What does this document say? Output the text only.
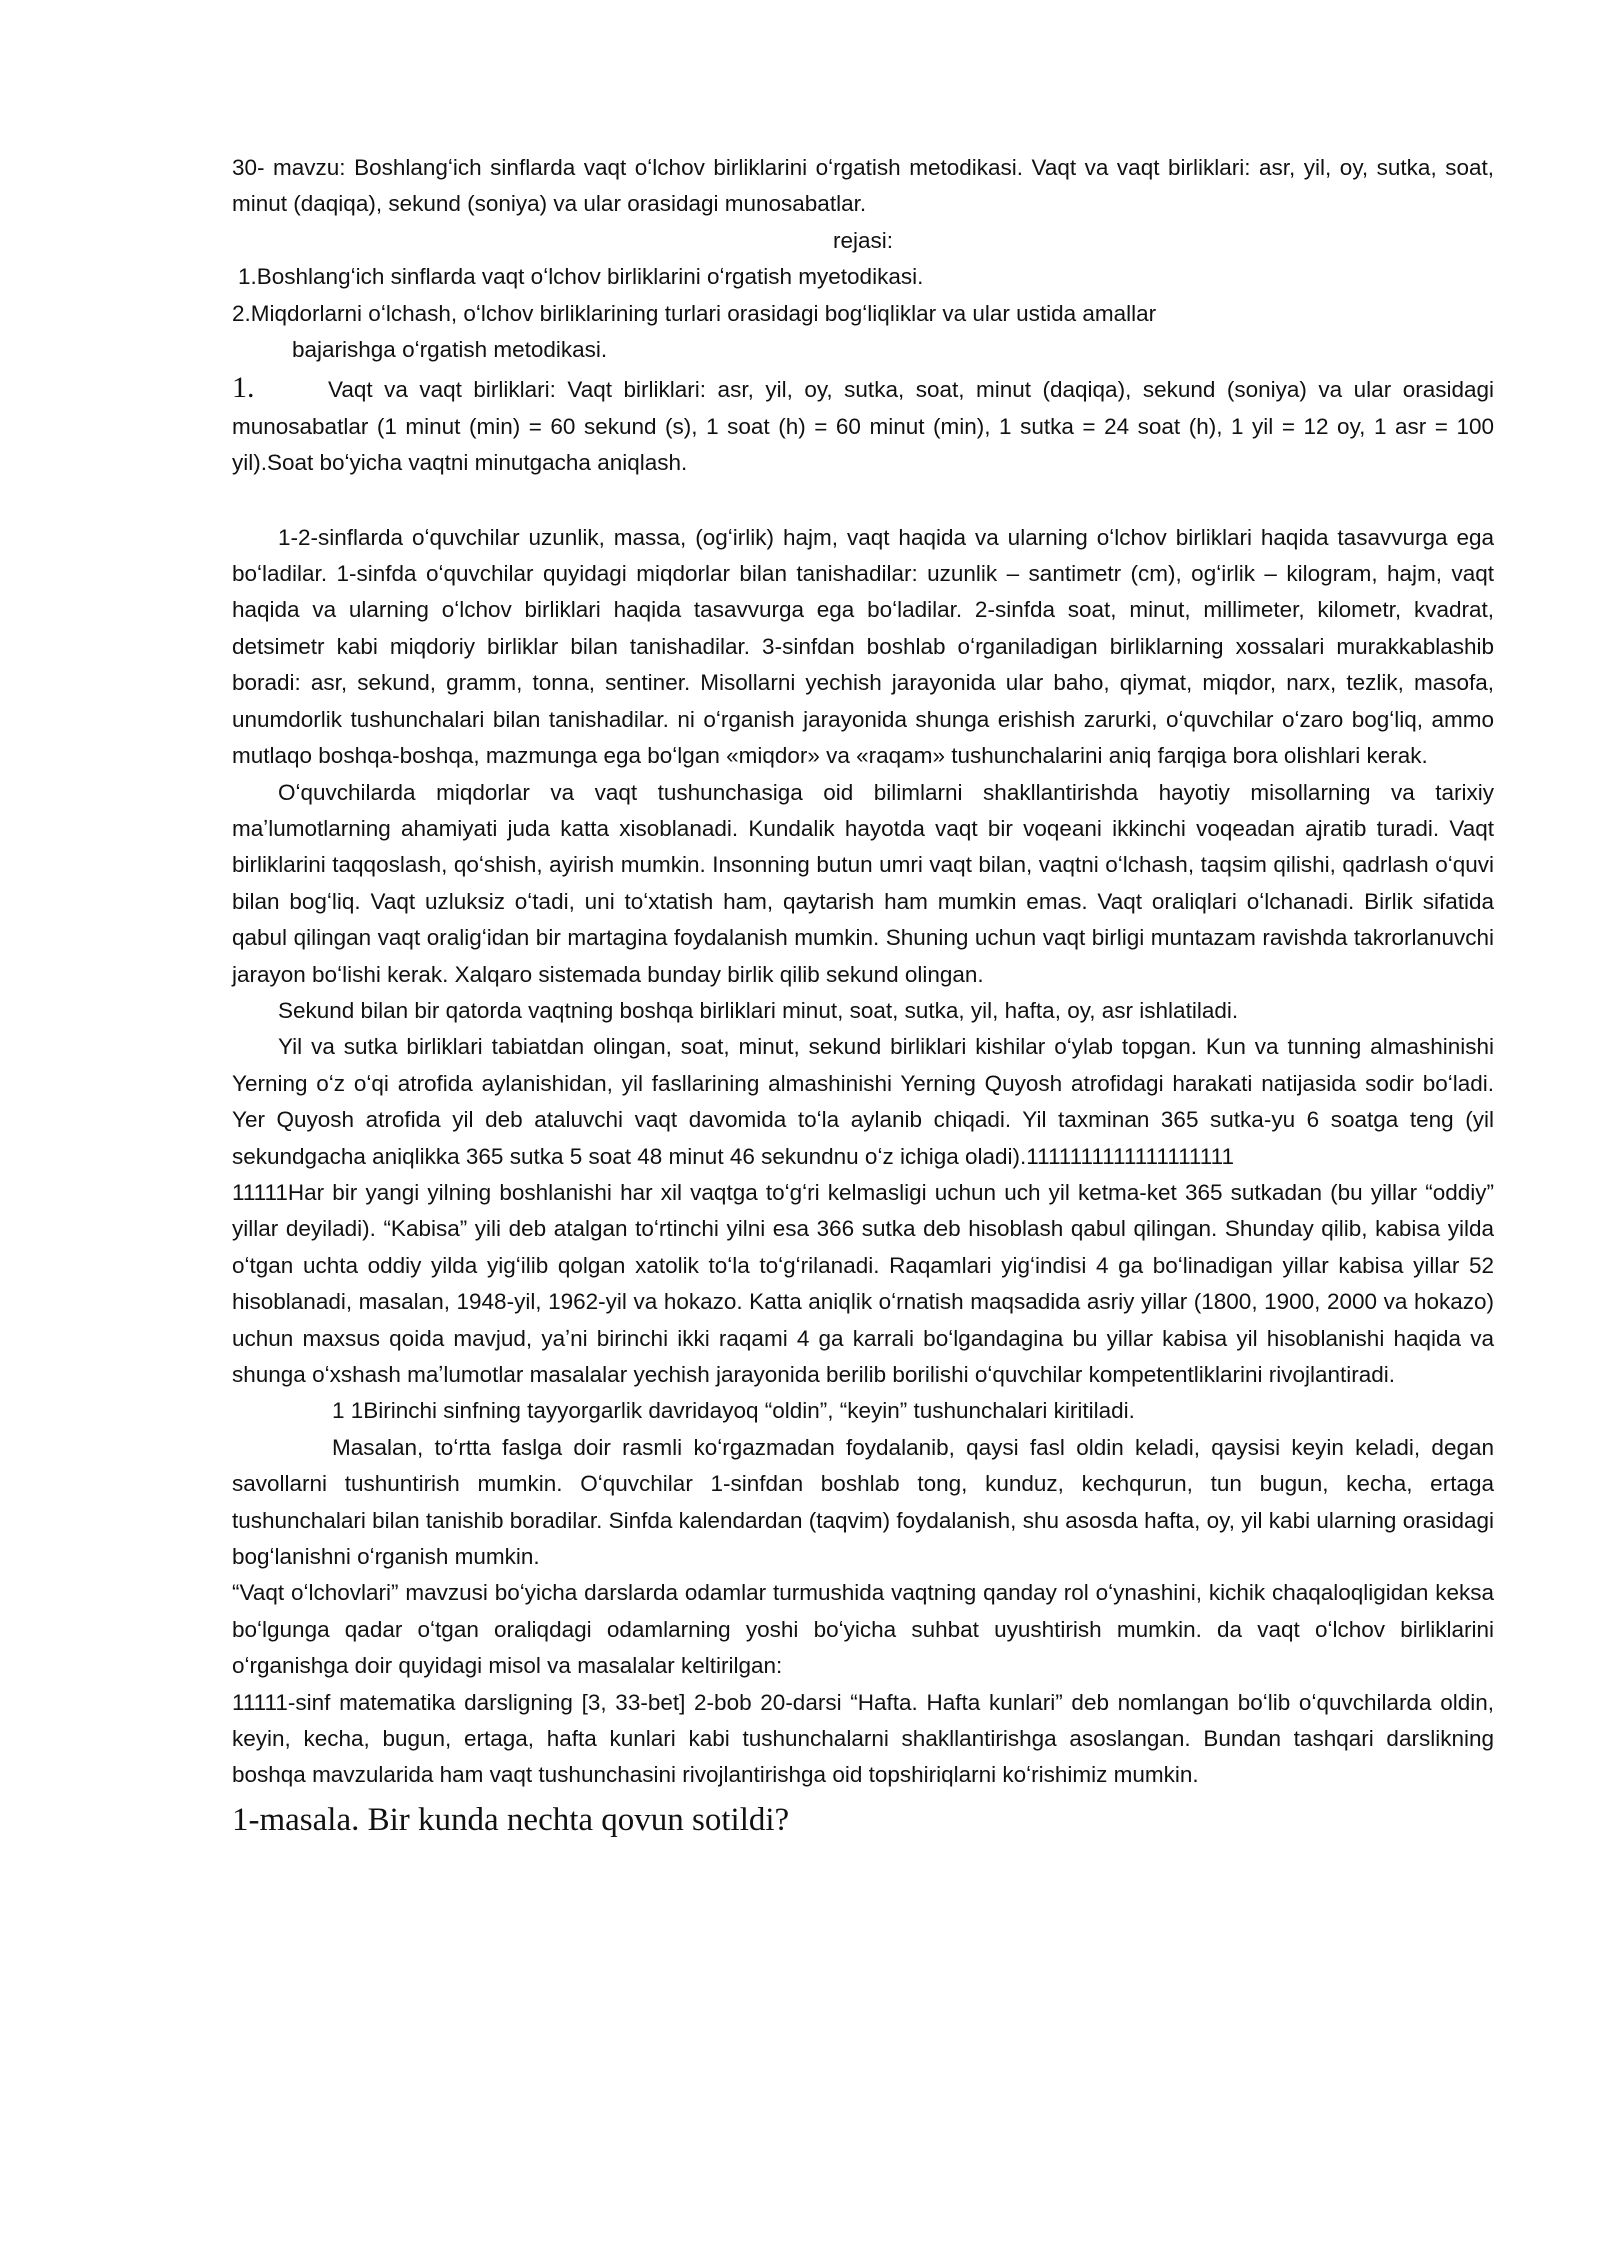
30- mavzu: Boshlangʻich sinflarda vaqt oʻlchov birliklarini oʻrgatish metodikasi. Vaqt va vaqt birliklari: asr, yil, oy, sutka, soat, minut (daqiqa), sekund (soniya) va ular orasidagi munosabatlar.

rejasi:

1.Boshlangʻich sinflarda vaqt oʻlchov birliklarini oʻrgatish myetodikasi.

2.Miqdorlarni oʻlchash, oʻlchov birliklarining turlari orasidagi bogʻliqliklar va ular ustida amallar

bajarishga oʻrgatish metodikasi.

1.	Vaqt va vaqt birliklari: Vaqt birliklari: asr, yil, oy, sutka, soat, minut (daqiqa), sekund (soniya) va ular orasidagi munosabatlar (1 minut (min) = 60 sekund (s), 1 soat (h) = 60 minut (min), 1 sutka = 24 soat (h), 1 yil = 12 oy, 1 asr = 100 yil).Soat boʻyicha vaqtni minutgacha aniqlash.

1-2-sinflarda oʻquvchilar uzunlik, massa, (ogʻirlik) hajm, vaqt haqida va ularning oʻlchov birliklari haqida tasavvurga ega boʻladilar. 1-sinfda oʻquvchilar quyidagi miqdorlar bilan tanishadilar: uzunlik – santimetr (cm), ogʻirlik – kilogram, hajm, vaqt haqida va ularning oʻlchov birliklari haqida tasavvurga ega boʻladilar. 2-sinfda soat, minut, millimeter, kilometr, kvadrat, detsimetr kabi miqdoriy birliklar bilan tanishadilar. 3-sinfdan boshlab oʻrganiladigan birliklarning xossalari murakkablashib boradi: asr, sekund, gramm, tonna, sentiner. Misollarni yechish jarayonida ular baho, qiymat, miqdor, narx, tezlik, masofa, unumdorlik tushunchalari bilan tanishadilar. ni oʻrganish jarayonida shunga erishish zarurki, oʻquvchilar oʻzaro bogʻliq, ammo mutlaqo boshqa-boshqa, mazmunga ega boʻlgan «miqdor» va «raqam» tushunchalarini aniq farqiga bora olishlari kerak.

Oʻquvchilarda miqdorlar va vaqt tushunchasiga oid bilimlarni shakllantirishda hayotiy misollarning va tarixiy maʼlumotlarning ahamiyati juda katta xisoblanadi. Kundalik hayotda vaqt bir voqeani ikkinchi voqeadan ajratib turadi. Vaqt birliklarini taqqoslash, qoʻshish, ayirish mumkin. Insonning butun umri vaqt bilan, vaqtni oʻlchash, taqsim qilishi, qadrlash oʻquvi bilan bogʻliq. Vaqt uzluksiz oʻtadi, uni toʻxtatish ham, qaytarish ham mumkin emas. Vaqt oraliqlari oʻlchanadi. Birlik sifatida qabul qilingan vaqt oraligʻidan bir martagina foydalanish mumkin. Shuning uchun vaqt birligi muntazam ravishda takrorlanuvchi jarayon boʻlishi kerak. Xalqaro sistemada bunday birlik qilib sekund olingan.

Sekund bilan bir qatorda vaqtning boshqa birliklari minut, soat, sutka, yil, hafta, oy, asr ishlatiladi.

Yil va sutka birliklari tabiatdan olingan, soat, minut, sekund birliklari kishilar oʻylab topgan. Kun va tunning almashinishi Yerning oʻz oʻqi atrofida aylanishidan, yil fasllarining almashinishi Yerning Quyosh atrofidagi harakati natijasida sodir boʻladi. Yer Quyosh atrofida yil deb ataluvchi vaqt davomida toʻla aylanib chiqadi. Yil taxminan 365 sutka-yu 6 soatga teng (yil sekundgacha aniqlikka 365 sutka 5 soat 48 minut 46 sekundnu oʻz ichiga oladi).1111111111111111111

11111Har bir yangi yilning boshlanishi har xil vaqtga toʻgʻri kelmasligi uchun uch yil ketma-ket 365 sutkadan (bu yillar “oddiy” yillar deyiladi). “Kabisa” yili deb atalgan toʻrtinchi yilni esa 366 sutka deb hisoblash qabul qilingan. Shunday qilib, kabisa yilda oʻtgan uchta oddiy yilda yigʻilib qolgan xatolik toʻla toʻgʻrilanadi. Raqamlari yigʻindisi 4 ga boʻlinadigan yillar kabisa yillar 52 hisoblanadi, masalan, 1948-yil, 1962-yil va hokazo. Katta aniqlik oʻrnatish maqsadida asriy yillar (1800, 1900, 2000 va hokazo) uchun maxsus qoida mavjud, yaʼni birinchi ikki raqami 4 ga karrali boʻlgandagina bu yillar kabisa yil hisoblanishi haqida va shunga oʻxshash maʼlumotlar masalalar yechish jarayonida berilib borilishi oʻquvchilar kompetentliklarini rivojlantiradi.

1 1Birinchi sinfning tayyorgarlik davridayoq “oldin”, “keyin” tushunchalari kiritiladi.

Masalan, toʻrtta faslga doir rasmli koʻrgazmadan foydalanib, qaysi fasl oldin keladi, qaysisi keyin keladi, degan savollarni tushuntirish mumkin. Oʻquvchilar 1-sinfdan boshlab tong, kunduz, kechqurun, tun bugun, kecha, ertaga tushunchalari bilan tanishib boradilar. Sinfda kalendardan (taqvim) foydalanish, shu asosda hafta, oy, yil kabi ularning orasidagi bogʻlanishni oʻrganish mumkin.

“Vaqt oʻlchovlari” mavzusi boʻyicha darslarda odamlar turmushida vaqtning qanday rol oʻynashini, kichik chaqaloqligidan keksa boʻlgunga qadar oʻtgan oraliqdagi odamlarning yoshi boʻyicha suhbat uyushtirish mumkin. da vaqt oʻlchov birliklarini oʻrganishga doir quyidagi misol va masalalar keltirilgan:

11111-sinf matematika darsligning [3, 33-bet] 2-bob 20-darsi “Hafta. Hafta kunlari” deb nomlangan boʻlib oʻquvchilarda oldin, keyin, kecha, bugun, ertaga, hafta kunlari kabi tushunchalarni shakllantirishga asoslangan. Bundan tashqari darslikning boshqa mavzularida ham vaqt tushunchasini rivojlantirishga oid topshiriqlarni koʻrishimiz mumkin.

1-masala. Bir kunda nechta qovun sotildi?
